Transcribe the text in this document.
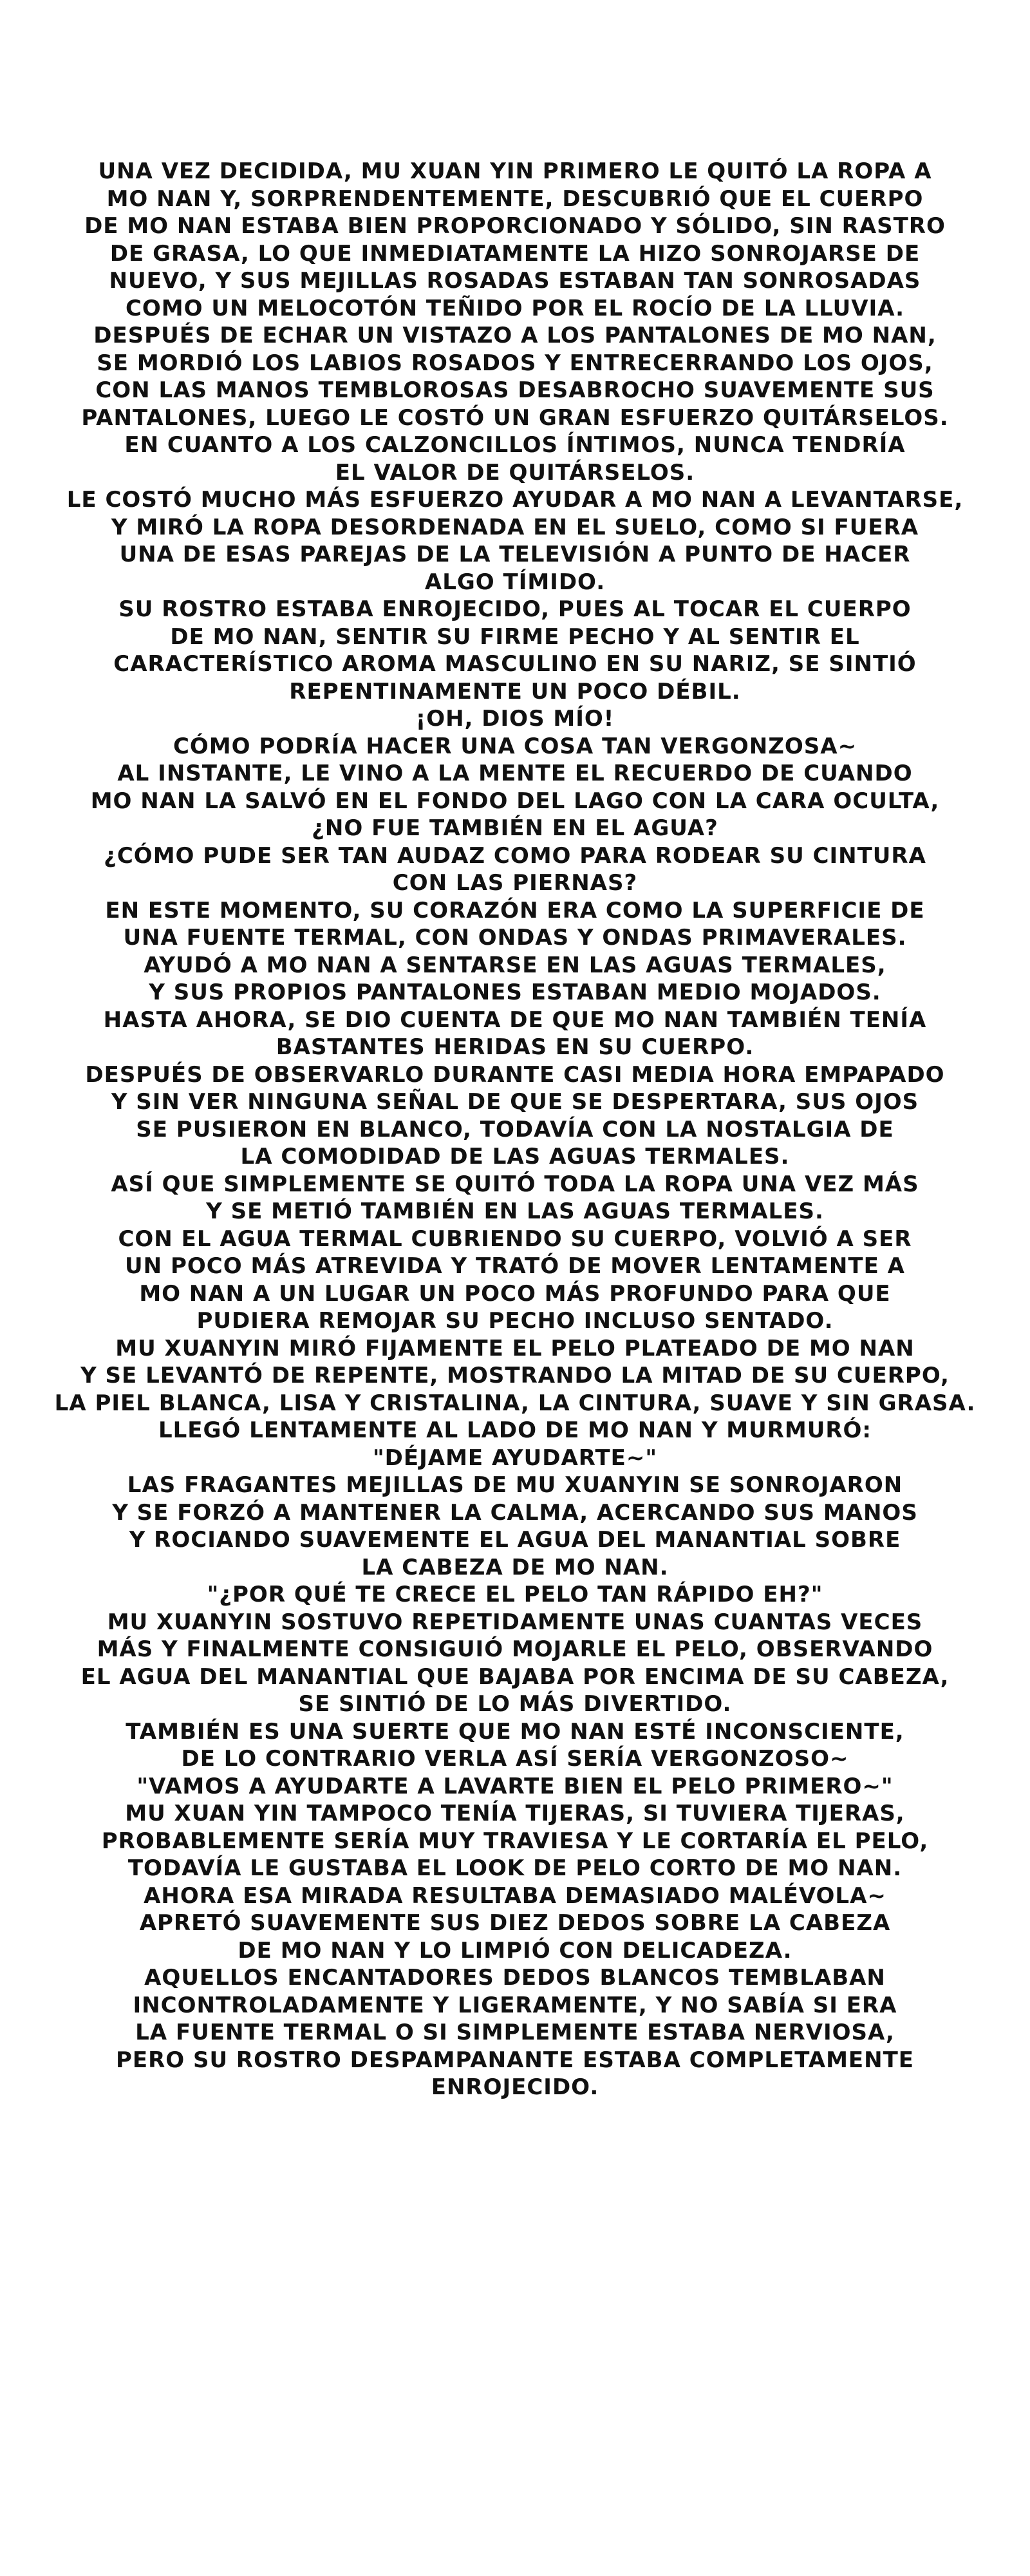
UNA VEZ DECIDIDA, MU XUAN YIN PRIMERO LE QUITÓ LA ROPA A
MO NAN Y, SORPRENDENTEMENTE, DESCUBRIÓ QUE EL CUERPO
DE MO NAN ESTABA BIEN PROPORCIONADO Y SÓLIDO, SIN RASTRO
DE GRASA, LO QUE INMEDIATAMENTE LA HIZO SONROJARSE DE
NUEVO, Y SUS MEJILLAS ROSADAS ESTABAN TAN SONROSADAS
COMO UN MELOCOTÓN TEÑIDO POR EL ROCÍO DE LA LLUVIA.
DESPUÉS DE ECHAR UN VISTAZO A LOS PANTALONES DE MO NAN,
SE MORDIÓ LOS LABIOS ROSADOS Y ENTRECERRANDO LOS OJOS,
CON LAS MANOS TEMBLOROSAS DESABROCHO SUAVEMENTE SUS
PANTALONES, LUEGO LE COSTÓ UN GRAN ESFUERZO QUITÁRSELOS.
EN CUANTO A LOS CALZONCILLOS ÍNTIMOS, NUNCA TENDRÍA
EL VALOR DE QUITÁRSELOS.
LE COSTÓ MUCHO MÁS ESFUERZO AYUDAR A MO NAN A LEVANTARSE,
Y MIRÓ LA ROPA DESORDENADA EN EL SUELO, COMO SI FUERA
UNA DE ESAS PAREJAS DE LA TELEVISIÓN A PUNTO DE HACER
ALGO TÍMIDO.
SU ROSTRO ESTABA ENROJECIDO, PUES AL TOCAR EL CUERPO
DE MO NAN, SENTIR SU FIRME PECHO Y AL SENTIR EL
CARACTERÍSTICO AROMA MASCULINO EN SU NARIZ, SE SINTIÓ
REPENTINAMENTE UN POCO DÉBIL.
¡OH, DIOS MÍO!
CÓMO PODRÍA HACER UNA COSA TAN VERGONZOSA~
AL INSTANTE, LE VINO A LA MENTE EL RECUERDO DE CUANDO
MO NAN LA SALVÓ EN EL FONDO DEL LAGO CON LA CARA OCULTA,
¿NO FUE TAMBIÉN EN EL AGUA?
¿CÓMO PUDE SER TAN AUDAZ COMO PARA RODEAR SU CINTURA
CON LAS PIERNAS?
EN ESTE MOMENTO, SU CORAZÓN ERA COMO LA SUPERFICIE DE
UNA FUENTE TERMAL, CON ONDAS Y ONDAS PRIMAVERALES.
AYUDÓ A MO NAN A SENTARSE EN LAS AGUAS TERMALES,
Y SUS PROPIOS PANTALONES ESTABAN MEDIO MOJADOS.
HASTA AHORA, SE DIO CUENTA DE QUE MO NAN TAMBIÉN TENÍA
BASTANTES HERIDAS EN SU CUERPO.
DESPUÉS DE OBSERVARLO DURANTE CASI MEDIA HORA EMPAPADO
Y SIN VER NINGUNA SEÑAL DE QUE SE DESPERTARA, SUS OJOS
SE PUSIERON EN BLANCO, TODAVÍA CON LA NOSTALGIA DE
LA COMODIDAD DE LAS AGUAS TERMALES.
ASÍ QUE SIMPLEMENTE SE QUITÓ TODA LA ROPA UNA VEZ MÁS
Y SE METIÓ TAMBIÉN EN LAS AGUAS TERMALES.
CON EL AGUA TERMAL CUBRIENDO SU CUERPO, VOLVIÓ A SER
UN POCO MÁS ATREVIDA Y TRATÓ DE MOVER LENTAMENTE A
MO NAN A UN LUGAR UN POCO MÁS PROFUNDO PARA QUE
PUDIERA REMOJAR SU PECHO INCLUSO SENTADO.
MU XUANYIN MIRÓ FIJAMENTE EL PELO PLATEADO DE MO NAN
Y SE LEVANTÓ DE REPENTE, MOSTRANDO LA MITAD DE SU CUERPO,
LA PIEL BLANCA, LISA Y CRISTALINA, LA CINTURA, SUAVE Y SIN GRASA.
LLEGÓ LENTAMENTE AL LADO DE MO NAN Y MURMURÓ:
"DÉJAME AYUDARTE~"
LAS FRAGANTES MEJILLAS DE MU XUANYIN SE SONROJARON
Y SE FORZÓ A MANTENER LA CALMA, ACERCANDO SUS MANOS
Y ROCIANDO SUAVEMENTE EL AGUA DEL MANANTIAL SOBRE
LA CABEZA DE MO NAN.
"¿POR QUÉ TE CRECE EL PELO TAN RÁPIDO EH?"
MU XUANYIN SOSTUVO REPETIDAMENTE UNAS CUANTAS VECES
MÁS Y FINALMENTE CONSIGUIÓ MOJARLE EL PELO, OBSERVANDO
EL AGUA DEL MANANTIAL QUE BAJABA POR ENCIMA DE SU CABEZA,
SE SINTIÓ DE LO MÁS DIVERTIDO.
TAMBIÉN ES UNA SUERTE QUE MO NAN ESTÉ INCONSCIENTE,
DE LO CONTRARIO VERLA ASÍ SERÍA VERGONZOSO~
"VAMOS A AYUDARTE A LAVARTE BIEN EL PELO PRIMERO~"
MU XUAN YIN TAMPOCO TENÍA TIJERAS, SI TUVIERA TIJERAS,
PROBABLEMENTE SERÍA MUY TRAVIESA Y LE CORTARÍA EL PELO,
TODAVÍA LE GUSTABA EL LOOK DE PELO CORTO DE MO NAN.
AHORA ESA MIRADA RESULTABA DEMASIADO MALÉVOLA~
APRETÓ SUAVEMENTE SUS DIEZ DEDOS SOBRE LA CABEZA
DE MO NAN Y LO LIMPIÓ CON DELICADEZA.
AQUELLOS ENCANTADORES DEDOS BLANCOS TEMBLABAN
INCONTROLADAMENTE Y LIGERAMENTE, Y NO SABÍA SI ERA
LA FUENTE TERMAL O SI SIMPLEMENTE ESTABA NERVIOSA,
PERO SU ROSTRO DESPAMPANANTE ESTABA COMPLETAMENTE
ENROJECIDO.
